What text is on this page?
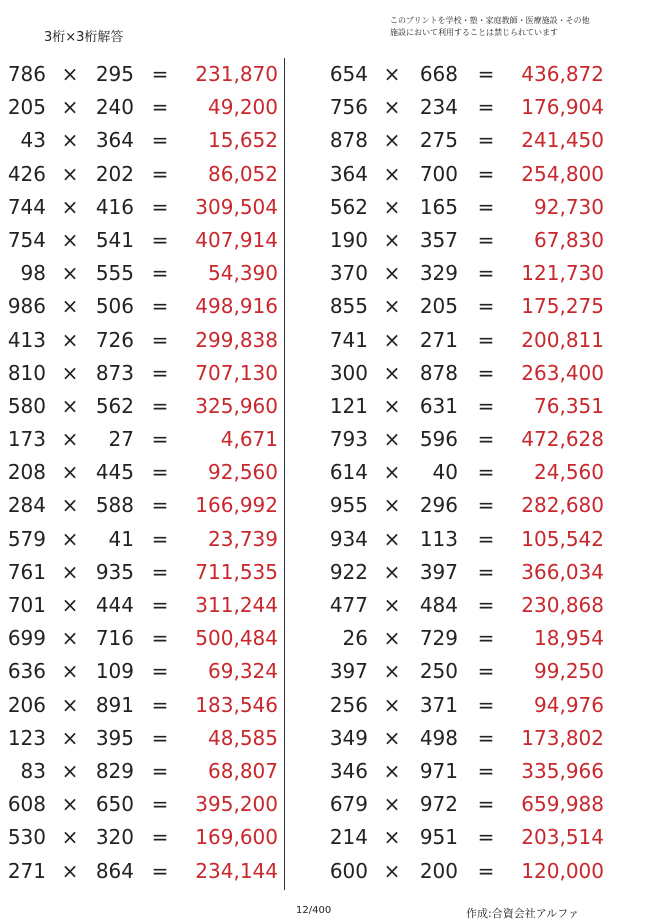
3桁×3桁解答
このプリントを学校・塾・家庭教師・医療施設・その他
施設において利用することは禁じられています
786 × 295 =	231,870
205 × 240 =	49,200
43 × 364 =	15,652
426 × 202 =	86,052
744 × 416 =	309,504
754 × 541 =	407,914
98 × 555 =	54,390
986 × 506 =	498,916
413 × 726 =	299,838
810 × 873 =	707,130
580 × 562 =	325,960
173 ×	27 =	4,671
208 × 445 =	92,560
284 × 588 =	166,992
579 ×	41 =	23,739
761 × 935 =	711,535
701 × 444 =	311,244
699 × 716 =	500,484
636 × 109 =	69,324
206 × 891 =	183,546
123 × 395 =	48,585
83 × 829 =	68,807
608 × 650 =	395,200
530 × 320 =	169,600
271 × 864 =	234,144
654 × 668 =	436,872
756 × 234 =	176,904
878 × 275 =	241,450
364 × 700 =	254,800
562 × 165 =	92,730
190 × 357 =	67,830
370 × 329 =	121,730
855 × 205 =	175,275
741 × 271 =	200,811
300 × 878 =	263,400
121 × 631 =	76,351
793 × 596 =	472,628
614 ×	40 =	24,560
955 × 296 =	282,680
934 × 113 =	105,542
922 × 397 =	366,034
477 × 484 =	230,868
26 × 729 =	18,954
397 × 250 =	99,250
256 × 371 =	94,976
349 × 498 =	173,802
346 × 971 =	335,966
679 × 972 =	659,988
214 × 951 =	203,514
600 × 200 =	120,000
12/400	作成:合資会社アルファ
